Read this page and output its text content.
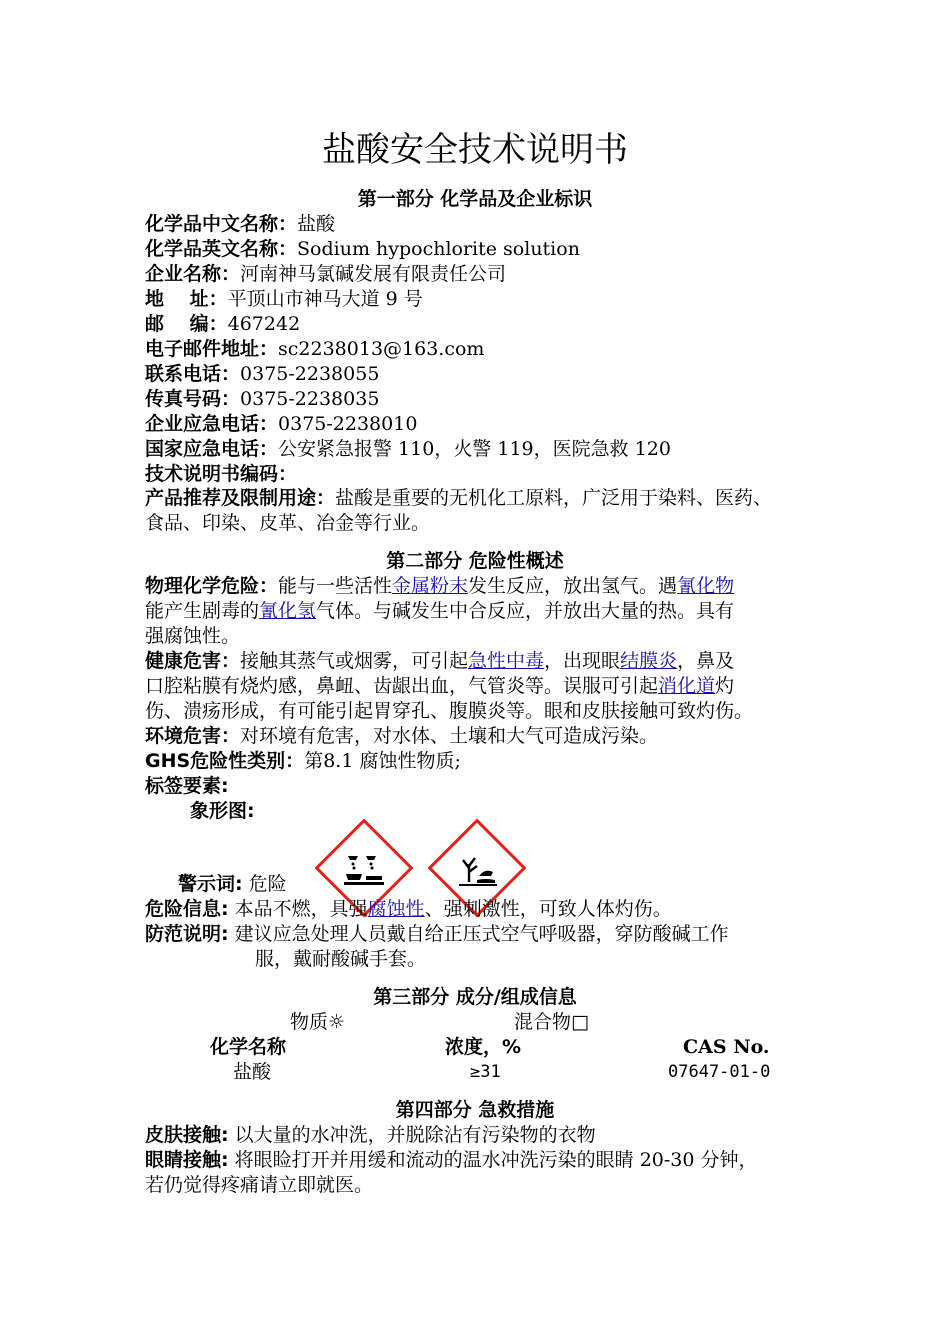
盐酸安全技术说明书
第一部分 化学品及企业标识
化学品中文名称：盐酸
化学品英文名称：Sodium hypochlorite solution
企业名称：河南神马氯碱发展有限责任公司
地　 址：平顶山市神马大道 9 号
邮　 编：467242
电子邮件地址：sc2238013@163.com
联系电话：0375-2238055
传真号码：0375-2238035
企业应急电话：0375-2238010
国家应急电话：公安紧急报警 110，火警 119，医院急救 120
技术说明书编码：
产品推荐及限制用途：盐酸是重要的无机化工原料，广泛用于染料、医药、
食品、印染、皮革、冶金等行业。
第二部分 危险性概述
物理化学危险：能与一些活性金属粉末发生反应，放出氢气。遇氰化物
能产生剧毒的氰化氢气体。与碱发生中合反应，并放出大量的热。具有
强腐蚀性。
健康危害：接触其蒸气或烟雾，可引起急性中毒，出现眼结膜炎，鼻及
口腔粘膜有烧灼感，鼻衄、齿龈出血，气管炎等。误服可引起消化道灼
伤、溃疡形成，有可能引起胃穿孔、腹膜炎等。眼和皮肤接触可致灼伤。
环境危害：对环境有危害，对水体、土壤和大气可造成污染。
GHS危险性类别：第8.1 腐蚀性物质;
标签要素:
象形图:
警示词: 危险
危险信息: 本品不燃，具强腐蚀性、强刺激性，可致人体灼伤。
防范说明: 建议应急处理人员戴自给正压式空气呼吸器，穿防酸碱工作
服，戴耐酸碱手套。
第三部分 成分/组成信息
物质☼	混合物□
化学名称	浓度，%	CAS No.
盐酸	≥31	07647-01-0
第四部分 急救措施
皮肤接触: 以大量的水冲洗，并脱除沾有污染物的衣物
眼睛接触: 将眼睑打开并用缓和流动的温水冲洗污染的眼睛 20-30 分钟，
若仍觉得疼痛请立即就医。
